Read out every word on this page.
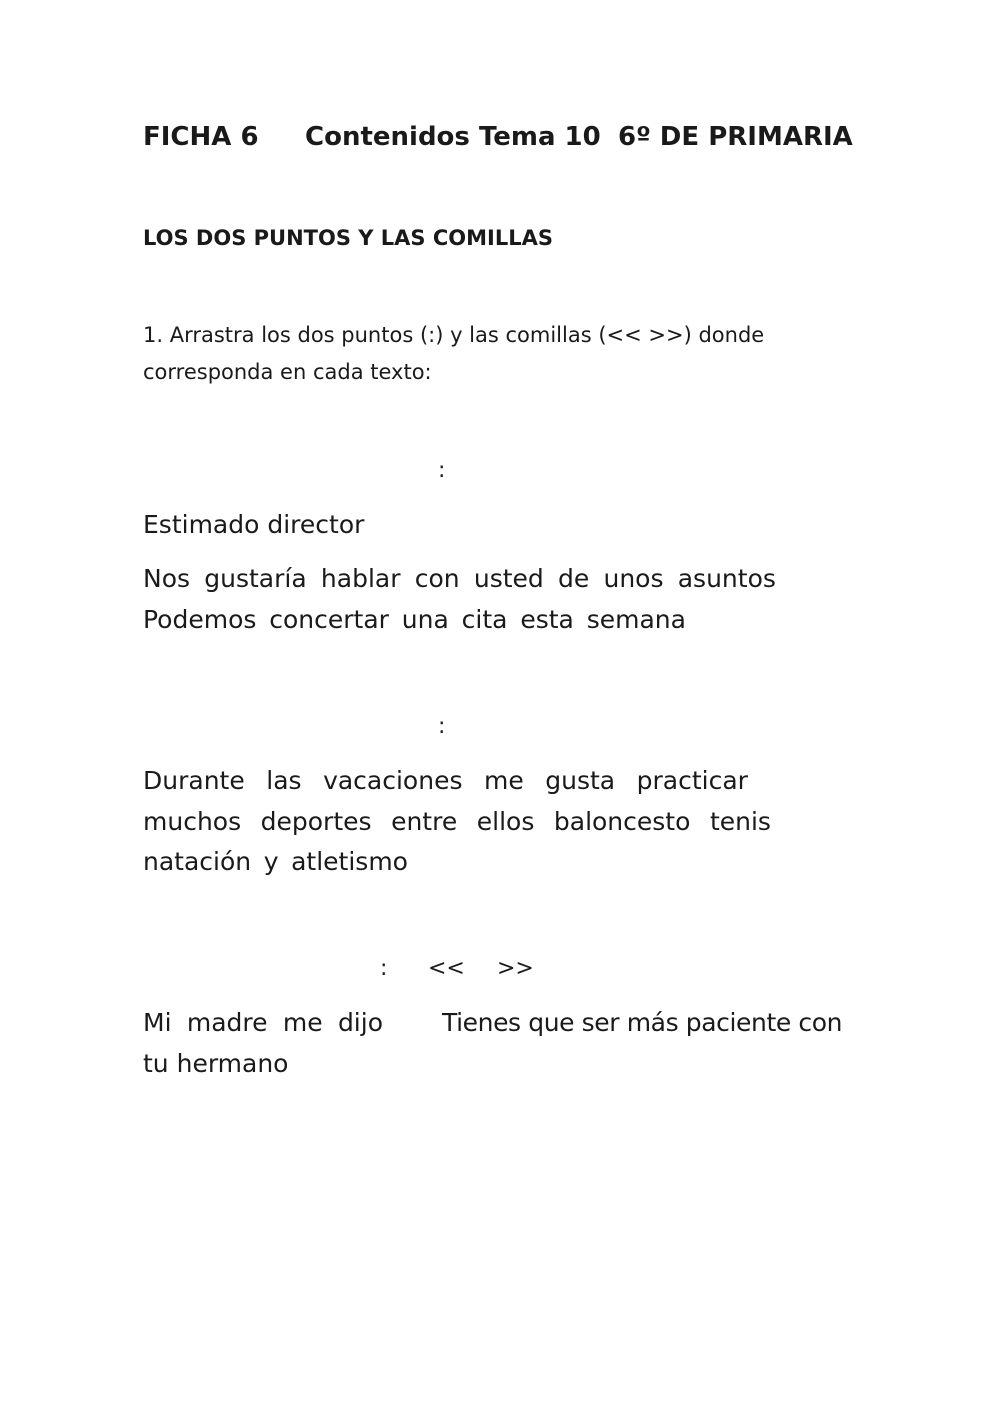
FICHA 6 Contenidos Tema 10 6º DE PRIMARIA
LOS DOS PUNTOS Y LAS COMILLAS
1. Arrastra los dos puntos (:) y las comillas (<< >>) donde
corresponda en cada texto:
:
Estimado director
Nos gustaría hablar con usted de unos asuntos
Podemos concertar una cita esta semana
:
Durante las vacaciones me gusta practicar
muchos deportes entre ellos baloncesto tenis
natación y atletismo
: << >>
Mi madre me dijo Tienes que ser más paciente con
tu hermano
